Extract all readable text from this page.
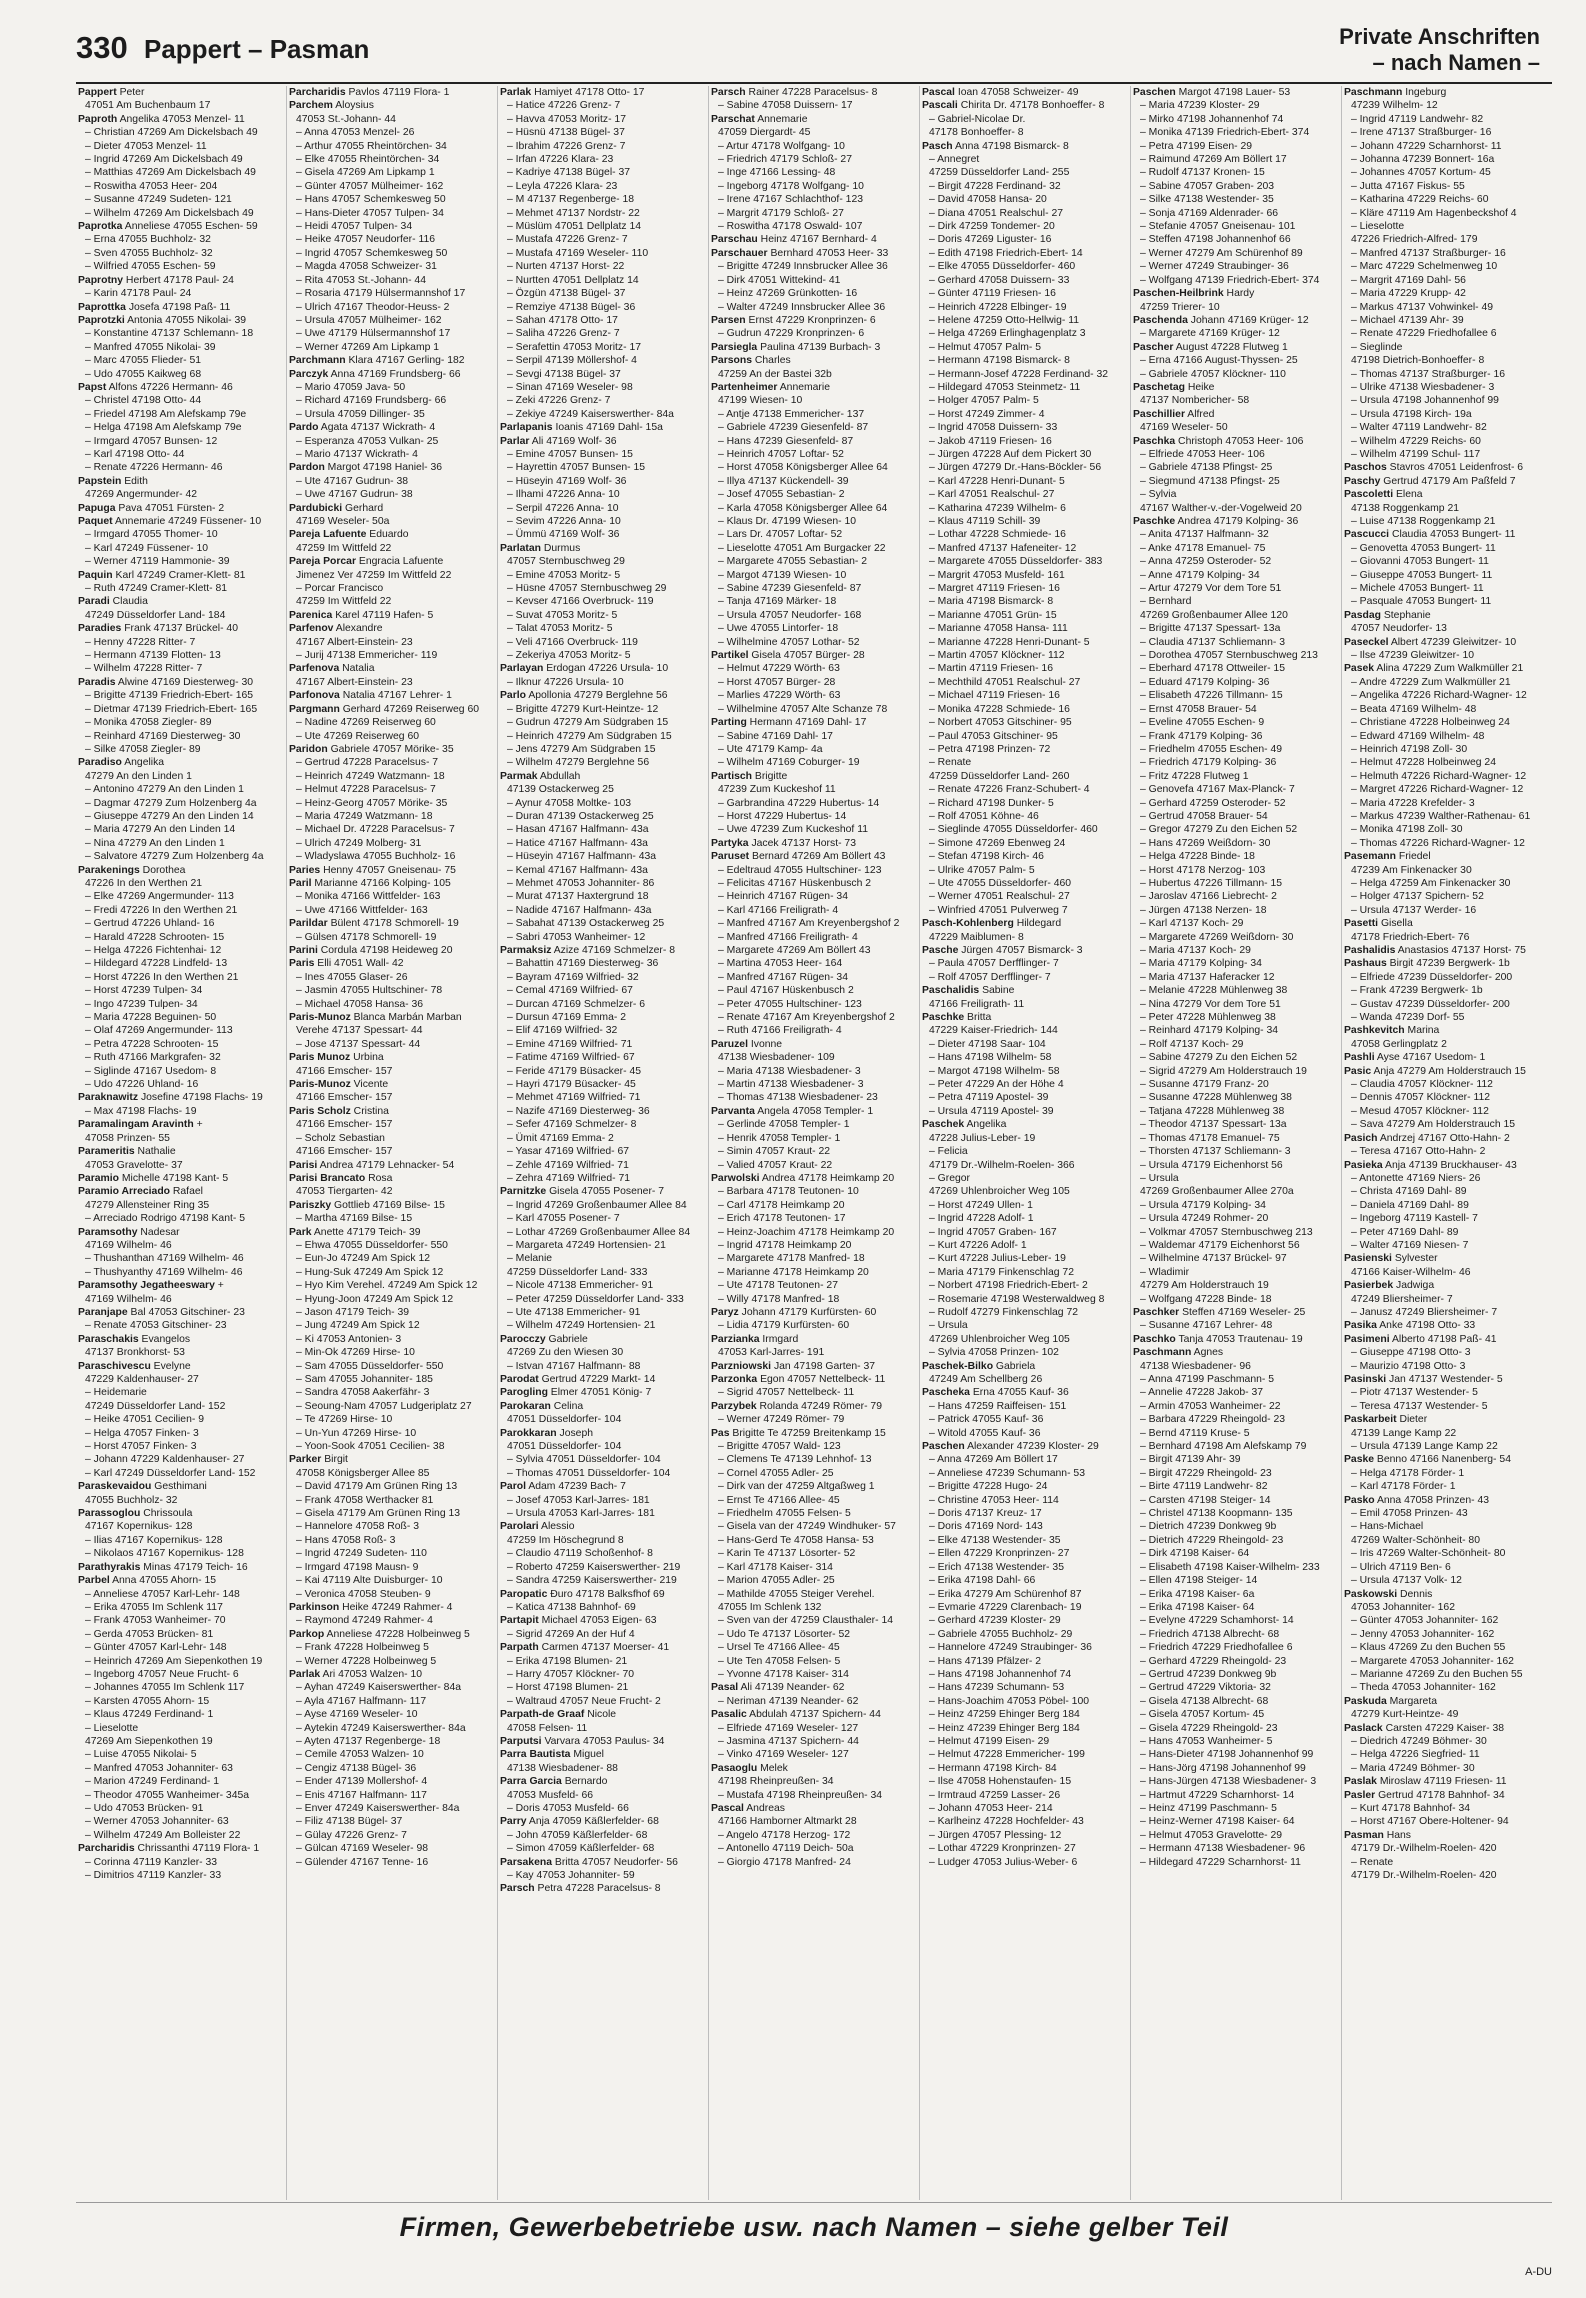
330 Pappert – Pasman	Private Anschriften
– nach Namen –
Pappert Peter
47051 Am Buchenbaum 17
Paproth Angelika 47053 Menzel- 11
– Christian 47269 Am Dickelsbach 49
– Dieter 47053 Menzel- 11
– Ingrid 47269 Am Dickelsbach 49
– Matthias 47269 Am Dickelsbach 49
– Roswitha 47053 Heer- 204
– Susanne 47249 Sudeten- 121
– Wilhelm 47269 Am Dickelsbach 49
Paprotka Anneliese 47055 Eschen- 59
– Erna 47055 Buchholz- 32
– Sven 47055 Buchholz- 32
– Wilfried 47055 Eschen- 59
Paprotny Herbert 47178 Paul- 24
– Karin 47178 Paul- 24
Paprottka Josefa 47198 Paß- 11
Paprotzki Antonia 47055 Nikolai- 39
– Konstantine 47137 Schlemann- 18
– Manfred 47055 Nikolai- 39
– Marc 47055 Flieder- 51
– Udo 47055 Kaikweg 68
Papst Alfons 47226 Hermann- 46
– Christel 47198 Otto- 44
– Friedel 47198 Am Alefskamp 79e
– Helga 47198 Am Alefskamp 79e
– Irmgard 47057 Bunsen- 12
– Karl 47198 Otto- 44
– Renate 47226 Hermann- 46
Papstein Edith
47269 Angermunder- 42
Papuga Pava 47051 Fürsten- 2
Paquet Annemarie 47249 Füssener- 10
– Irmgard 47055 Thomer- 10
– Karl 47249 Füssener- 10
– Werner 47119 Hammonie- 39
Paquin Karl 47249 Cramer-Klett- 81
– Ruth 47249 Cramer-Klett- 81
Paradi Claudia
47249 Düsseldorfer Land- 184
Paradies Frank 47137 Brückel- 40
– Henny 47228 Ritter- 7
– Hermann 47139 Flotten- 13
– Wilhelm 47228 Ritter- 7
Paradis Alwine 47169 Diesterweg- 30
– Brigitte 47139 Friedrich-Ebert- 165
– Dietmar 47139 Friedrich-Ebert- 165
– Monika 47058 Ziegler- 89
– Reinhard 47169 Diesterweg- 30
– Silke 47058 Ziegler- 89
Paradiso Angelika
47279 An den Linden 1
– Antonino 47279 An den Linden 1
– Dagmar 47279 Zum Holzenberg 4a
– Giuseppe 47279 An den Linden 14
– Maria 47279 An den Linden 14
– Nina 47279 An den Linden 1
– Salvatore 47279 Zum Holzenberg 4a
Parakenings Dorothea
47226 In den Werthen 21
– Elke 47269 Angermunder- 113
– Fredi 47226 In den Werthen 21
– Gertrud 47226 Uhland- 16
– Harald 47228 Schrooten- 15
– Helga 47226 Fichtenhai- 12
– Hildegard 47228 Lindfeld- 13
– Horst 47226 In den Werthen 21
– Horst 47239 Tulpen- 34
– Ingo 47239 Tulpen- 34
– Maria 47228 Beguinen- 50
– Olaf 47269 Angermunder- 113
– Petra 47228 Schrooten- 15
– Ruth 47166 Markgrafen- 32
– Siglinde 47167 Usedom- 8
– Udo 47226 Uhland- 16
Paraknawitz Josefine 47198 Flachs- 19
– Max 47198 Flachs- 19
Paramalingam Aravinth +
47058 Prinzen- 55
Parameritis Nathalie
47053 Gravelotte- 37
Paramio Michelle 47198 Kant- 5
Paramio Arreciado Rafael
47279 Allensteiner Ring 35
– Arreciado Rodrigo 47198 Kant- 5
Paramsothy Nadesar
47169 Wilhelm- 46
– Thushanthan 47169 Wilhelm- 46
– Thushyanthy 47169 Wilhelm- 46
Paramsothy Jegatheeswary +
47169 Wilhelm- 46
Paranjape Bal 47053 Gitschiner- 23
– Renate 47053 Gitschiner- 23
Paraschakis Evangelos
47137 Bronkhorst- 53
Paraschivescu Evelyne
47229 Kaldenhauser- 27
– Heidemarie
47249 Düsseldorfer Land- 152
– Heike 47051 Cecilien- 9
– Helga 47057 Finken- 3
– Horst 47057 Finken- 3
– Johann 47229 Kaldenhauser- 27
– Karl 47249 Düsseldorfer Land- 152
Paraskevaidou Gesthimani
47055 Buchholz- 32
Parassoglou Chrissoula
47167 Kopernikus- 128
– Ilias 47167 Kopernikus- 128
– Nikolaos 47167 Kopernikus- 128
Parathyrakis Minas 47179 Teich- 16
Parbel Anna 47055 Ahorn- 15
– Anneliese 47057 Karl-Lehr- 148
– Erika 47055 Im Schlenk 117
– Frank 47053 Wanheimer- 70
– Gerda 47053 Brücken- 81
– Günter 47057 Karl-Lehr- 148
– Heinrich 47269 Am Siepenkothen 19
– Ingeborg 47057 Neue Frucht- 6
– Johannes 47055 Im Schlenk 117
– Karsten 47055 Ahorn- 15
– Klaus 47249 Ferdinand- 1
– Lieselotte
47269 Am Siepenkothen 19
– Luise 47055 Nikolai- 5
– Manfred 47053 Johanniter- 63
– Marion 47249 Ferdinand- 1
– Theodor 47055 Wanheimer- 345a
– Udo 47053 Brücken- 91
– Werner 47053 Johanniter- 63
– Wilhelm 47249 Am Bolleister 22
Parcharidis Chrissanthi 47119 Flora- 1
– Corinna 47119 Kanzler- 33
– Dimitrios 47119 Kanzler- 33
Parcharidis Pavlos 47119 Flora- 1
Parchem Aloysius
47053 St.-Johann- 44
– Anna 47053 Menzel- 26
– Arthur 47055 Rheintörchen- 34
– Elke 47055 Rheintörchen- 34
– Gisela 47269 Am Lipkamp 1
– Günter 47057 Mülheimer- 162
– Hans 47057 Schemkesweg 50
– Hans-Dieter 47057 Tulpen- 34
– Heidi 47057 Tulpen- 34
– Heike 47057 Neudorfer- 116
– Ingrid 47057 Schemkesweg 50
– Magda 47058 Schweizer- 31
– Rita 47053 St.-Johann- 44
– Rosaria 47179 Hülsermannshof 17
– Ulrich 47167 Theodor-Heuss- 2
– Ursula 47057 Mülheimer- 162
– Uwe 47179 Hülsermannshof 17
– Werner 47269 Am Lipkamp 1
Parchmann Klara 47167 Gerling- 182
Parczyk Anna 47169 Frundsberg- 66
– Mario 47059 Java- 50
– Richard 47169 Frundsberg- 66
– Ursula 47059 Dillinger- 35
Pardo Agata 47137 Wickrath- 4
– Esperanza 47053 Vulkan- 25
– Mario 47137 Wickrath- 4
Pardon Margot 47198 Haniel- 36
– Ute 47167 Gudrun- 38
– Uwe 47167 Gudrun- 38
Pardubicki Gerhard
47169 Weseler- 50a
Pareja Lafuente Eduardo
47259 Im Wittfeld 22
Pareja Porcar Engracia Lafuente
Jimenez Ver 47259 Im Wittfeld 22
– Porcar Francisco
47259 Im Wittfeld 22
Parenica Karel 47119 Hafen- 5
Parfenov Alexandre
47167 Albert-Einstein- 23
– Jurij 47138 Emmericher- 119
Parfenova Natalia
47167 Albert-Einstein- 23
Parfonova Natalia 47167 Lehrer- 1
Pargmann Gerhard 47269 Reiserweg 60
– Nadine 47269 Reiserweg 60
– Ute 47269 Reiserweg 60
Paridon Gabriele 47057 Mörike- 35
– Gertrud 47228 Paracelsus- 7
– Heinrich 47249 Watzmann- 18
– Helmut 47228 Paracelsus- 7
– Heinz-Georg 47057 Mörike- 35
– Maria 47249 Watzmann- 18
– Michael Dr. 47228 Paracelsus- 7
– Ulrich 47249 Molberg- 31
– Wladyslawa 47055 Buchholz- 16
Paries Henny 47057 Gneisenau- 75
Paril Marianne 47166 Kolping- 105
– Monika 47166 Wittfelder- 163
– Uwe 47166 Wittfelder- 163
Parildar Bülent 47178 Schmorell- 19
– Gülsen 47178 Schmorell- 19
Parini Cordula 47198 Heideweg 20
Paris Elli 47051 Wall- 42
– Ines 47055 Glaser- 26
– Jasmin 47055 Hultschiner- 78
– Michael 47058 Hansa- 36
Paris-Munoz Blanca Marbán Marban
Verehe 47137 Spessart- 44
– Jose 47137 Spessart- 44
Paris Munoz Urbina
47166 Emscher- 157
Paris-Munoz Vicente
47166 Emscher- 157
Paris Scholz Cristina
47166 Emscher- 157
– Scholz Sebastian
47166 Emscher- 157
Parisi Andrea 47179 Lehnacker- 54
Parisi Brancato Rosa
47053 Tiergarten- 42
Pariszky Gottlieb 47169 Bilse- 15
– Martha 47169 Bilse- 15
Park Anette 47179 Teich- 39
– Ehwa 47055 Düsseldorfer- 550
– Eun-Jo 47249 Am Spick 12
– Hung-Suk 47249 Am Spick 12
– Hyo Kim Verehel. 47249 Am Spick 12
– Hyung-Joon 47249 Am Spick 12
– Jason 47179 Teich- 39
– Jung 47249 Am Spick 12
– Ki 47053 Antonien- 3
– Min-Ok 47269 Hirse- 10
– Sam 47055 Düsseldorfer- 550
– Sam 47055 Johanniter- 185
– Sandra 47058 Aakerfähr- 3
– Seoung-Nam 47057 Ludgeriplatz 27
– Te 47269 Hirse- 10
– Un-Yun 47269 Hirse- 10
– Yoon-Sook 47051 Cecilien- 38
Parker Birgit
47058 Königsberger Allee 85
– David 47179 Am Grünen Ring 13
– Frank 47058 Werthacker 81
– Gisela 47179 Am Grünen Ring 13
– Hannelore 47058 Roß- 3
– Hans 47058 Roß- 3
– Ingrid 47249 Sudeten- 110
– Irmgard 47198 Mausn- 9
– Kai 47119 Alte Duisburger- 10
– Veronica 47058 Steuben- 9
Parkinson Heike 47249 Rahmer- 4
– Raymond 47249 Rahmer- 4
Parkop Anneliese 47228 Holbeinweg 5
– Frank 47228 Holbeinweg 5
– Werner 47228 Holbeinweg 5
Parlak Ari 47053 Walzen- 10
– Ayhan 47249 Kaiserswerther- 84a
– Ayla 47167 Halfmann- 117
– Ayse 47169 Weseler- 10
– Aytekin 47249 Kaiserswerther- 84a
– Ayten 47137 Regenberge- 18
– Cemile 47053 Walzen- 10
– Cengiz 47138 Bügel- 36
– Ender 47139 Mollershof- 4
– Enis 47167 Halfmann- 117
– Enver 47249 Kaiserswerther- 84a
– Filiz 47138 Bügel- 37
– Gülay 47226 Grenz- 7
– Gülcan 47169 Weseler- 98
– Gülender 47167 Tenne- 16
Parlak Hamiyet 47178 Otto- 17
– Hatice 47226 Grenz- 7
– Havva 47053 Moritz- 17
– Hüsnü 47138 Bügel- 37
– Ibrahim 47226 Grenz- 7
– Irfan 47226 Klara- 23
– Kadriye 47138 Bügel- 37
– Leyla 47226 Klara- 23
– M 47137 Regenberge- 18
– Mehmet 47137 Nordstr- 22
– Müslüm 47051 Dellplatz 14
– Mustafa 47226 Grenz- 7
– Mustafa 47169 Weseler- 110
– Nurten 47137 Horst- 22
– Nurtten 47051 Dellplatz 14
– Özgün 47138 Bügel- 37
– Remziye 47138 Bügel- 36
– Sahan 47178 Otto- 17
– Saliha 47226 Grenz- 7
– Serafettin 47053 Moritz- 17
– Serpil 47139 Möllershof- 4
– Sevgi 47138 Bügel- 37
– Sinan 47169 Weseler- 98
– Zeki 47226 Grenz- 7
– Zekiye 47249 Kaiserswerther- 84a
Parlapanis Ioanis 47169 Dahl- 15a
Parlar Ali 47169 Wolf- 36
– Emine 47057 Bunsen- 15
– Hayrettin 47057 Bunsen- 15
– Hüseyin 47169 Wolf- 36
– Ilhami 47226 Anna- 10
– Serpil 47226 Anna- 10
– Sevim 47226 Anna- 10
– Ümmü 47169 Wolf- 36
Parlatan Durmus
47057 Sternbuschweg 29
– Emine 47053 Moritz- 5
– Hüsne 47057 Sternbuschweg 29
– Kevser 47166 Overbruck- 119
– Suvat 47053 Moritz- 5
– Talat 47053 Moritz- 5
– Veli 47166 Overbruck- 119
– Zekeriya 47053 Moritz- 5
Parlayan Erdogan 47226 Ursula- 10
– Ilknur 47226 Ursula- 10
Parlo Apollonia 47279 Berglehne 56
– Brigitte 47279 Kurt-Heintze- 12
– Gudrun 47279 Am Südgraben 15
– Heinrich 47279 Am Südgraben 15
– Jens 47279 Am Südgraben 15
– Wilhelm 47279 Berglehne 56
Parmak Abdullah
47139 Ostackerweg 25
– Aynur 47058 Moltke- 103
– Duran 47139 Ostackerweg 25
– Hasan 47167 Halfmann- 43a
– Hatice 47167 Halfmann- 43a
– Hüseyin 47167 Halfmann- 43a
– Kemal 47167 Halfmann- 43a
– Mehmet 47053 Johanniter- 86
– Murat 47137 Haxtergrund 18
– Nadide 47167 Halfmann- 43a
– Sabahat 47139 Ostackerweg 25
– Sabri 47053 Wanheimer- 12
Parmaksiz Azize 47169 Schmelzer- 8
– Bahattin 47169 Diesterweg- 36
– Bayram 47169 Wilfried- 32
– Cemal 47169 Wilfried- 67
– Durcan 47169 Schmelzer- 6
– Dursun 47169 Emma- 2
– Elif 47169 Wilfried- 32
– Emine 47169 Wilfried- 71
– Fatime 47169 Wilfried- 67
– Feride 47179 Büsacker- 45
– Hayri 47179 Büsacker- 45
– Mehmet 47169 Wilfried- 71
– Nazife 47169 Diesterweg- 36
– Sefer 47169 Schmelzer- 8
– Ümit 47169 Emma- 2
– Yasar 47169 Wilfried- 67
– Zehle 47169 Wilfried- 71
– Zehra 47169 Wilfried- 71
Parnitzke Gisela 47055 Posener- 7
– Ingrid 47269 Großenbaumer Allee 84
– Karl 47055 Posener- 7
– Lothar 47269 Großenbaumer Allee 84
– Margareta 47249 Hortensien- 21
– Melanie
47259 Düsseldorfer Land- 333
– Nicole 47138 Emmericher- 91
– Peter 47259 Düsseldorfer Land- 333
– Ute 47138 Emmericher- 91
– Wilhelm 47249 Hortensien- 21
Parocczy Gabriele
47269 Zu den Wiesen 30
– Istvan 47167 Halfmann- 88
Parodat Gertrud 47229 Markt- 14
Parogling Elmer 47051 König- 7
Parokaran Celina
47051 Düsseldorfer- 104
Parokkaran Joseph
47051 Düsseldorfer- 104
– Sylvia 47051 Düsseldorfer- 104
– Thomas 47051 Düsseldorfer- 104
Parol Adam 47239 Bach- 7
– Josef 47053 Karl-Jarres- 181
– Ursula 47053 Karl-Jarres- 181
Parolari Alessio
47259 Im Höschegrund 8
– Claudio 47119 Schoßenhof- 8
– Roberto 47259 Kaiserswerther- 219
– Sandra 47259 Kaiserswerther- 219
Paropatic Đuro 47178 Balksfhof 69
– Katica 47138 Bahnhof- 69
Partapit Michael 47053 Eigen- 63
– Sigrid 47269 An der Huf 4
Parpath Carmen 47137 Moerser- 41
– Erika 47198 Blumen- 21
– Harry 47057 Klöckner- 70
– Horst 47198 Blumen- 21
– Waltraud 47057 Neue Frucht- 2
Parpath-de Graaf Nicole
47058 Felsen- 11
Parputsi Varvara 47053 Paulus- 34
Parra Bautista Miguel
47138 Wiesbadener- 88
Parra Garcia Bernardo
47053 Musfeld- 66
– Doris 47053 Musfeld- 66
Parry Anja 47059 Käßlerfelder- 68
– John 47059 Käßlerfelder- 68
– Simon 47059 Käßlerfelder- 68
Parsakena Britta 47057 Neudorfer- 56
– Kay 47053 Johanniter- 59
Parsch Petra 47228 Paracelsus- 8
Parsch Rainer 47228 Paracelsus- 8
– Sabine 47058 Duissern- 17
Parschat Annemarie
47059 Diergardt- 45
– Artur 47178 Wolfgang- 10
– Friedrich 47179 Schloß- 27
– Inge 47166 Lessing- 48
– Ingeborg 47178 Wolfgang- 10
– Irene 47167 Schlachthof- 123
– Margrit 47179 Schloß- 27
– Roswitha 47178 Oswald- 107
Parschau Heinz 47167 Bernhard- 4
Parschauer Bernhard 47053 Heer- 33
– Brigitte 47249 Innsbrucker Allee 36
– Dirk 47051 Wittekind- 41
– Heinz 47269 Grünkotten- 16
– Walter 47249 Innsbrucker Allee 36
Parsen Ernst 47229 Kronprinzen- 6
– Gudrun 47229 Kronprinzen- 6
Parsiegla Paulina 47139 Burbach- 3
Parsons Charles
47259 An der Bastei 32b
Partenheimer Annemarie
47199 Wiesen- 10
– Antje 47138 Emmericher- 137
– Gabriele 47239 Giesenfeld- 87
– Hans 47239 Giesenfeld- 87
– Heinrich 47057 Loftar- 52
– Horst 47058 Königsberger Allee 64
– Illya 47137 Kückendell- 39
– Josef 47055 Sebastian- 2
– Karla 47058 Königsberger Allee 64
– Klaus Dr. 47199 Wiesen- 10
– Lars Dr. 47057 Loftar- 52
– Lieselotte 47051 Am Burgacker 22
– Margarete 47055 Sebastian- 2
– Margot 47139 Wiesen- 10
– Sabine 47239 Giesenfeld- 87
– Tanja 47169 Märker- 18
– Ursula 47057 Neudorfer- 168
– Uwe 47055 Lintorfer- 18
– Wilhelmine 47057 Lothar- 52
Partikel Gisela 47057 Bürger- 28
– Helmut 47229 Wörth- 63
– Horst 47057 Bürger- 28
– Marlies 47229 Wörth- 63
– Wilhelmine 47057 Alte Schanze 78
Parting Hermann 47169 Dahl- 17
– Sabine 47169 Dahl- 17
– Ute 47179 Kamp- 4a
– Wilhelm 47169 Coburger- 19
Partisch Brigitte
47239 Zum Kuckeshof 11
– Garbrandina 47229 Hubertus- 14
– Horst 47229 Hubertus- 14
– Uwe 47239 Zum Kuckeshof 11
Partyka Jacek 47137 Horst- 73
Paruset Bernard 47269 Am Böllert 43
– Edeltraud 47055 Hultschiner- 123
– Felicitas 47167 Hüskenbusch 2
– Heinrich 47167 Rügen- 34
– Karl 47166 Freiligrath- 4
– Manfred 47167 Am Kreyenbergshof 2
– Manfred 47166 Freiligrath- 4
– Margarete 47269 Am Böllert 43
– Martina 47053 Heer- 164
– Manfred 47167 Rügen- 34
– Paul 47167 Hüskenbusch 2
– Peter 47055 Hultschiner- 123
– Renate 47167 Am Kreyenbergshof 2
– Ruth 47166 Freiligrath- 4
Paruzel Ivonne
47138 Wiesbadener- 109
– Maria 47138 Wiesbadener- 3
– Martin 47138 Wiesbadener- 3
– Thomas 47138 Wiesbadener- 23
Parvanta Angela 47058 Templer- 1
– Gerlinde 47058 Templer- 1
– Henrik 47058 Templer- 1
– Simin 47057 Kraut- 22
– Valied 47057 Kraut- 22
Parwolski Andrea 47178 Heimkamp 20
– Barbara 47178 Teutonen- 10
– Carl 47178 Heimkamp 20
– Erich 47178 Teutonen- 17
– Heinz-Joachim 47178 Heimkamp 20
– Ingrid 47178 Heimkamp 20
– Margarete 47178 Manfred- 18
– Marianne 47178 Heimkamp 20
– Ute 47178 Teutonen- 27
– Willy 47178 Manfred- 18
Paryz Johann 47179 Kurfürsten- 60
– Lidia 47179 Kurfürsten- 60
Parzianka Irmgard
47053 Karl-Jarres- 191
Parzniowski Jan 47198 Garten- 37
Parzonka Egon 47057 Nettelbeck- 11
– Sigrid 47057 Nettelbeck- 11
Parzybek Rolanda 47249 Römer- 79
– Werner 47249 Römer- 79
Pas Brigitte Te 47259 Breitenkamp 15
– Brigitte 47057 Wald- 123
– Clemens Te 47139 Lehnhof- 13
– Cornel 47055 Adler- 25
– Dirk van der 47259 Altgaßweg 1
– Ernst Te 47166 Allee- 45
– Friedhelm 47055 Felsen- 5
– Gisela van der 47249 Windhuker- 57
– Hans-Gerd Te 47058 Hansa- 53
– Karin Te 47137 Lösorter- 52
– Karl 47178 Kaiser- 314
– Marion 47055 Adler- 25
– Mathilde 47055 Steiger Verehel.
47055 Im Schlenk 132
– Sven van der 47259 Clausthaler- 14
– Udo Te 47137 Lösorter- 52
– Ursel Te 47166 Allee- 45
– Ute Ten 47058 Felsen- 5
– Yvonne 47178 Kaiser- 314
Pasal Ali 47139 Neander- 62
– Neriman 47139 Neander- 62
Pasalic Abdulah 47137 Spichern- 44
– Elfriede 47169 Weseler- 127
– Jasmina 47137 Spichern- 44
– Vinko 47169 Weseler- 127
Pasaoglu Melek
47198 Rheinpreußen- 34
– Mustafa 47198 Rheinpreußen- 34
Pascal Andreas
47166 Hamborner Altmarkt 28
– Angelo 47178 Herzog- 172
– Antonello 47119 Deich- 50a
– Giorgio 47178 Manfred- 24
Pascal Ioan 47058 Schweizer- 49
Pascali Chirita Dr. 47178 Bonhoeffer- 8
– Gabriel-Nicolae Dr.
47178 Bonhoeffer- 8
Pasch Anna 47198 Bismarck- 8
– Annegret
47259 Düsseldorfer Land- 255
– Birgit 47228 Ferdinand- 32
– David 47058 Hansa- 20
– Diana 47051 Realschul- 27
– Dirk 47259 Tondemer- 20
– Doris 47269 Liguster- 16
– Edith 47198 Friedrich-Ebert- 14
– Elke 47055 Düsseldorfer- 460
– Gerhard 47058 Duissern- 33
– Günter 47119 Friesen- 16
– Heinrich 47228 Elbinger- 19
– Helene 47259 Otto-Hellwig- 11
– Helga 47269 Erlinghagenplatz 3
– Helmut 47057 Palm- 5
– Hermann 47198 Bismarck- 8
– Hermann-Josef 47228 Ferdinand- 32
– Hildegard 47053 Steinmetz- 11
– Holger 47057 Palm- 5
– Horst 47249 Zimmer- 4
– Ingrid 47058 Duissern- 33
– Jakob 47119 Friesen- 16
– Jürgen 47228 Auf dem Pickert 30
– Jürgen 47279 Dr.-Hans-Böckler- 56
– Karl 47228 Henri-Dunant- 5
– Karl 47051 Realschul- 27
– Katharina 47239 Wilhelm- 6
– Klaus 47119 Schill- 39
– Lothar 47228 Schmiede- 16
– Manfred 47137 Hafeneiter- 12
– Margarete 47055 Düsseldorfer- 383
– Margrit 47053 Musfeld- 161
– Margret 47119 Friesen- 16
– Maria 47198 Bismarck- 8
– Marianne 47051 Grün- 15
– Marianne 47058 Hansa- 111
– Marianne 47228 Henri-Dunant- 5
– Martin 47057 Klöckner- 112
– Martin 47119 Friesen- 16
– Mechthild 47051 Realschul- 27
– Michael 47119 Friesen- 16
– Monika 47228 Schmiede- 16
– Norbert 47053 Gitschiner- 95
– Paul 47053 Gitschiner- 95
– Petra 47198 Prinzen- 72
– Renate
47259 Düsseldorfer Land- 260
– Renate 47226 Franz-Schubert- 4
– Richard 47198 Dunker- 5
– Rolf 47051 Köhne- 46
– Sieglinde 47055 Düsseldorfer- 460
– Simone 47269 Ebenweg 24
– Stefan 47198 Kirch- 46
– Ulrike 47057 Palm- 5
– Ute 47055 Düsseldorfer- 460
– Werner 47051 Realschul- 27
– Winfried 47051 Pulverweg 7
Pasch-Kohlenberg Hildegard
47229 Maiblumen- 8
Pasche Jürgen 47057 Bismarck- 3
– Paula 47057 Derfflinger- 7
– Rolf 47057 Derfflinger- 7
Paschalidis Sabine
47166 Freiligrath- 11
Paschke Britta
47229 Kaiser-Friedrich- 144
– Dieter 47198 Saar- 104
– Hans 47198 Wilhelm- 58
– Margot 47198 Wilhelm- 58
– Peter 47229 An der Höhe 4
– Petra 47119 Apostel- 39
– Ursula 47119 Apostel- 39
Paschek Angelika
47228 Julius-Leber- 19
– Felicia
47179 Dr.-Wilhelm-Roelen- 366
– Gregor
47269 Uhlenbroicher Weg 105
– Horst 47249 Ullen- 1
– Ingrid 47228 Adolf- 1
– Ingrid 47057 Graben- 167
– Kurt 47226 Adolf- 1
– Kurt 47228 Julius-Leber- 19
– Maria 47179 Finkenschlag 72
– Norbert 47198 Friedrich-Ebert- 2
– Rosemarie 47198 Westerwaldweg 8
– Rudolf 47279 Finkenschlag 72
– Ursula
47269 Uhlenbroicher Weg 105
– Sylvia 47058 Prinzen- 102
Paschek-Bilko Gabriela
47249 Am Schellberg 26
Pascheka Erna 47055 Kauf- 36
– Hans 47259 Raiffeisen- 151
– Patrick 47055 Kauf- 36
– Witold 47055 Kauf- 36
Paschen Alexander 47239 Kloster- 29
– Anna 47269 Am Böllert 17
– Anneliese 47239 Schumann- 53
– Brigitte 47228 Hugo- 24
– Christine 47053 Heer- 114
– Doris 47137 Kreuz- 17
– Doris 47169 Nord- 143
– Elke 47138 Westender- 35
– Ellen 47229 Kronprinzen- 27
– Erich 47138 Westender- 35
– Erika 47198 Dahl- 66
– Erika 47279 Am Schürenhof 87
– Evmarie 47229 Clarenbach- 19
– Gerhard 47239 Kloster- 29
– Gabriele 47055 Buchholz- 29
– Hannelore 47249 Straubinger- 36
– Hans 47139 Pfälzer- 2
– Hans 47198 Johannenhof 74
– Hans 47239 Schumann- 53
– Hans-Joachim 47053 Pöbel- 100
– Heinz 47259 Ehinger Berg 184
– Heinz 47239 Ehinger Berg 184
– Helmut 47199 Eisen- 29
– Helmut 47228 Emmericher- 199
– Hermann 47198 Kirch- 84
– Ilse 47058 Hohenstaufen- 15
– Irmtraud 47259 Lasser- 26
– Johann 47053 Heer- 214
– Karlheinz 47228 Hochfelder- 43
– Jürgen 47057 Plessing- 12
– Lothar 47229 Kronprinzen- 27
– Ludger 47053 Julius-Weber- 6
Paschen Margot 47198 Lauer- 53
– Maria 47239 Kloster- 29
– Mirko 47198 Johannenhof 74
– Monika 47139 Friedrich-Ebert- 374
– Petra 47199 Eisen- 29
– Raimund 47269 Am Böllert 17
– Rudolf 47137 Kronen- 15
– Sabine 47057 Graben- 203
– Silke 47138 Westender- 35
– Sonja 47169 Aldenrader- 66
– Stefanie 47057 Gneisenau- 101
– Steffen 47198 Johannenhof 66
– Werner 47279 Am Schürenhof 89
– Werner 47249 Straubinger- 36
– Wolfgang 47139 Friedrich-Ebert- 374
Paschen-Heilbrink Hardy
47259 Trierer- 10
Paschenda Johann 47169 Krüger- 12
– Margarete 47169 Krüger- 12
Pascher August 47228 Flutweg 1
– Erna 47166 August-Thyssen- 25
– Gabriele 47057 Klöckner- 110
Paschetag Heike
47137 Nombericher- 58
Paschillier Alfred
47169 Weseler- 50
Paschka Christoph 47053 Heer- 106
– Elfriede 47053 Heer- 106
– Gabriele 47138 Pfingst- 25
– Siegmund 47138 Pfingst- 25
– Sylvia
47167 Walther-v.-der-Vogelweid 20
Paschke Andrea 47179 Kolping- 36
– Anita 47137 Halfmann- 32
– Anke 47178 Emanuel- 75
– Anna 47259 Osteroder- 52
– Anne 47179 Kolping- 34
– Artur 47279 Vor dem Tore 51
– Bernhard
47269 Großenbaumer Allee 120
– Brigitte 47137 Spessart- 13a
– Claudia 47137 Schliemann- 3
– Dorothea 47057 Sternbuschweg 213
– Eberhard 47178 Ottweiler- 15
– Eduard 47179 Kolping- 36
– Elisabeth 47226 Tillmann- 15
– Ernst 47058 Brauer- 54
– Eveline 47055 Eschen- 9
– Frank 47179 Kolping- 36
– Friedhelm 47055 Eschen- 49
– Friedrich 47179 Kolping- 36
– Fritz 47228 Flutweg 1
– Genovefa 47167 Max-Planck- 7
– Gerhard 47259 Osteroder- 52
– Gertrud 47058 Brauer- 54
– Gregor 47279 Zu den Eichen 52
– Hans 47269 Weißdorn- 30
– Helga 47228 Binde- 18
– Horst 47178 Nerzog- 103
– Hubertus 47226 Tillmann- 15
– Jaroslav 47166 Liebrecht- 2
– Jürgen 47138 Nerzen- 18
– Karl 47137 Koch- 29
– Margarete 47269 Weißdorn- 30
– Maria 47137 Koch- 29
– Maria 47179 Kolping- 34
– Maria 47137 Haferacker 12
– Melanie 47228 Mühlenweg 38
– Nina 47279 Vor dem Tore 51
– Peter 47228 Mühlenweg 38
– Reinhard 47179 Kolping- 34
– Rolf 47137 Koch- 29
– Sabine 47279 Zu den Eichen 52
– Sigrid 47279 Am Holderstrauch 19
– Susanne 47179 Franz- 20
– Susanne 47228 Mühlenweg 38
– Tatjana 47228 Mühlenweg 38
– Theodor 47137 Spessart- 13a
– Thomas 47178 Emanuel- 75
– Thorsten 47137 Schliemann- 3
– Ursula 47179 Eichenhorst 56
– Ursula
47269 Großenbaumer Allee 270a
– Ursula 47179 Kolping- 34
– Ursula 47249 Rohmer- 20
– Volkmar 47057 Sternbuschweg 213
– Waldemar 47179 Eichenhorst 56
– Wilhelmine 47137 Brückel- 97
– Wladimir
47279 Am Holderstrauch 19
– Wolfgang 47228 Binde- 18
Paschker Steffen 47169 Weseler- 25
– Susanne 47167 Lehrer- 48
Paschko Tanja 47053 Trautenau- 19
Paschmann Agnes
47138 Wiesbadener- 96
– Anna 47199 Paschmann- 5
– Annelie 47228 Jakob- 37
– Armin 47053 Wanheimer- 22
– Barbara 47229 Rheingold- 23
– Bernd 47119 Kruse- 5
– Bernhard 47198 Am Alefskamp 79
– Birgit 47139 Ahr- 39
– Birgit 47229 Rheingold- 23
– Birte 47119 Landwehr- 82
– Carsten 47198 Steiger- 14
– Christel 47138 Koopmann- 135
– Dietrich 47239 Donkweg 9b
– Dietrich 47229 Rheingold- 23
– Dirk 47198 Kaiser- 64
– Elisabeth 47198 Kaiser-Wilhelm- 233
– Ellen 47198 Steiger- 14
– Erika 47198 Kaiser- 6a
– Erika 47198 Kaiser- 64
– Evelyne 47229 Schamhorst- 14
– Friedrich 47138 Albrecht- 68
– Friedrich 47229 Friedhofallee 6
– Gerhard 47229 Rheingold- 23
– Gertrud 47239 Donkweg 9b
– Gertrud 47229 Viktoria- 32
– Gisela 47138 Albrecht- 68
– Gisela 47057 Kortum- 45
– Gisela 47229 Rheingold- 23
– Hans 47053 Wanheimer- 5
– Hans-Dieter 47198 Johannenhof 99
– Hans-Jörg 47198 Johannenhof 99
– Hans-Jürgen 47138 Wiesbadener- 3
– Hartmut 47229 Scharnhorst- 14
– Heinz 47199 Paschmann- 5
– Heinz-Werner 47198 Kaiser- 64
– Helmut 47053 Gravelotte- 29
– Hermann 47138 Wiesbadener- 96
– Hildegard 47229 Scharnhorst- 11
Paschmann Ingeburg
47239 Wilhelm- 12
– Ingrid 47119 Landwehr- 82
– Irene 47137 Straßburger- 16
– Johann 47229 Scharnhorst- 11
– Johanna 47239 Bonnert- 16a
– Johannes 47057 Kortum- 45
– Jutta 47167 Fiskus- 55
– Katharina 47229 Reichs- 60
– Kläre 47119 Am Hagenbeckshof 4
– Lieselotte
47226 Friedrich-Alfred- 179
– Manfred 47137 Straßburger- 16
– Marc 47229 Schelmenweg 10
– Margrit 47169 Dahl- 56
– Maria 47229 Krupp- 42
– Markus 47137 Vohwinkel- 49
– Michael 47139 Ahr- 39
– Renate 47229 Friedhofallee 6
– Sieglinde
47198 Dietrich-Bonhoeffer- 8
– Thomas 47137 Straßburger- 16
– Ulrike 47138 Wiesbadener- 3
– Ursula 47198 Johannenhof 99
– Ursula 47198 Kirch- 19a
– Walter 47119 Landwehr- 82
– Wilhelm 47229 Reichs- 60
– Wilhelm 47199 Schul- 117
Paschos Stavros 47051 Leidenfrost- 6
Paschy Gertrud 47179 Am Paßfeld 7
Pascoletti Elena
47138 Roggenkamp 21
– Luise 47138 Roggenkamp 21
Pascucci Claudia 47053 Bungert- 11
– Genovetta 47053 Bungert- 11
– Giovanni 47053 Bungert- 11
– Giuseppe 47053 Bungert- 11
– Michele 47053 Bungert- 11
– Pasquale 47053 Bungert- 11
Pasdag Stephanie
47057 Neudorfer- 13
Paseckel Albert 47239 Gleiwitzer- 10
– Ilse 47239 Gleiwitzer- 10
Pasek Alina 47229 Zum Walkmüller 21
– Andre 47229 Zum Walkmüller 21
– Angelika 47226 Richard-Wagner- 12
– Beata 47169 Wilhelm- 48
– Christiane 47228 Holbeinweg 24
– Edward 47169 Wilhelm- 48
– Heinrich 47198 Zoll- 30
– Helmut 47228 Holbeinweg 24
– Helmuth 47226 Richard-Wagner- 12
– Margret 47226 Richard-Wagner- 12
– Maria 47228 Krefelder- 3
– Markus 47239 Walther-Rathenau- 61
– Monika 47198 Zoll- 30
– Thomas 47226 Richard-Wagner- 12
Pasemann Friedel
47239 Am Finkenacker 30
– Helga 47259 Am Finkenacker 30
– Holger 47137 Spichern- 52
– Ursula 47137 Werder- 16
Pasetti Gisella
47178 Friedrich-Ebert- 76
Pashalidis Anastasios 47137 Horst- 75
Pashaus Birgit 47239 Bergwerk- 1b
– Elfriede 47239 Düsseldorfer- 200
– Frank 47239 Bergwerk- 1b
– Gustav 47239 Düsseldorfer- 200
– Wanda 47239 Dorf- 55
Pashkevitch Marina
47058 Gerlingplatz 2
Pashli Ayse 47167 Usedom- 1
Pasic Anja 47279 Am Holderstrauch 15
– Claudia 47057 Klöckner- 112
– Dennis 47057 Klöckner- 112
– Mesud 47057 Klöckner- 112
– Sava 47279 Am Holderstrauch 15
Pasich Andrzej 47167 Otto-Hahn- 2
– Teresa 47167 Otto-Hahn- 2
Pasieka Anja 47139 Bruckhauser- 43
– Antonette 47169 Niers- 26
– Christa 47169 Dahl- 89
– Daniela 47169 Dahl- 89
– Ingeborg 47119 Kastell- 7
– Peter 47169 Dahl- 89
– Walter 47169 Niesen- 7
Pasienski Sylvester
47166 Kaiser-Wilhelm- 46
Pasierbek Jadwiga
47249 Bliersheimer- 7
– Janusz 47249 Bliersheimer- 7
Pasika Anke 47198 Otto- 33
Pasimeni Alberto 47198 Paß- 41
– Giuseppe 47198 Otto- 3
– Maurizio 47198 Otto- 3
Pasinski Jan 47137 Westender- 5
– Piotr 47137 Westender- 5
– Teresa 47137 Westender- 5
Paskarbeit Dieter
47139 Lange Kamp 22
– Ursula 47139 Lange Kamp 22
Paske Benno 47166 Nanenberg- 54
– Helga 47178 Förder- 1
– Karl 47178 Förder- 1
Pasko Anna 47058 Prinzen- 43
– Emil 47058 Prinzen- 43
– Hans-Michael
47269 Walter-Schönheit- 80
– Iris 47269 Walter-Schönheit- 80
– Ulrich 47119 Ben- 6
– Ursula 47137 Volk- 12
Paskowski Dennis
47053 Johanniter- 162
– Günter 47053 Johanniter- 162
– Jenny 47053 Johanniter- 162
– Klaus 47269 Zu den Buchen 55
– Margarete 47053 Johanniter- 162
– Marianne 47269 Zu den Buchen 55
– Theda 47053 Johanniter- 162
Paskuda Margareta
47279 Kurt-Heintze- 49
Paslack Carsten 47229 Kaiser- 38
– Diedrich 47249 Böhmer- 30
– Helga 47226 Siegfried- 11
– Maria 47249 Böhmer- 30
Paslak Miroslaw 47119 Friesen- 11
Pasler Gertrud 47178 Bahnhof- 34
– Kurt 47178 Bahnhof- 34
– Horst 47167 Obere-Holtener- 94
Pasman Hans
47179 Dr.-Wilhelm-Roelen- 420
– Renate
47179 Dr.-Wilhelm-Roelen- 420
Firmen, Gewerbebetriebe usw. nach Namen – siehe gelber Teil
A-DU
